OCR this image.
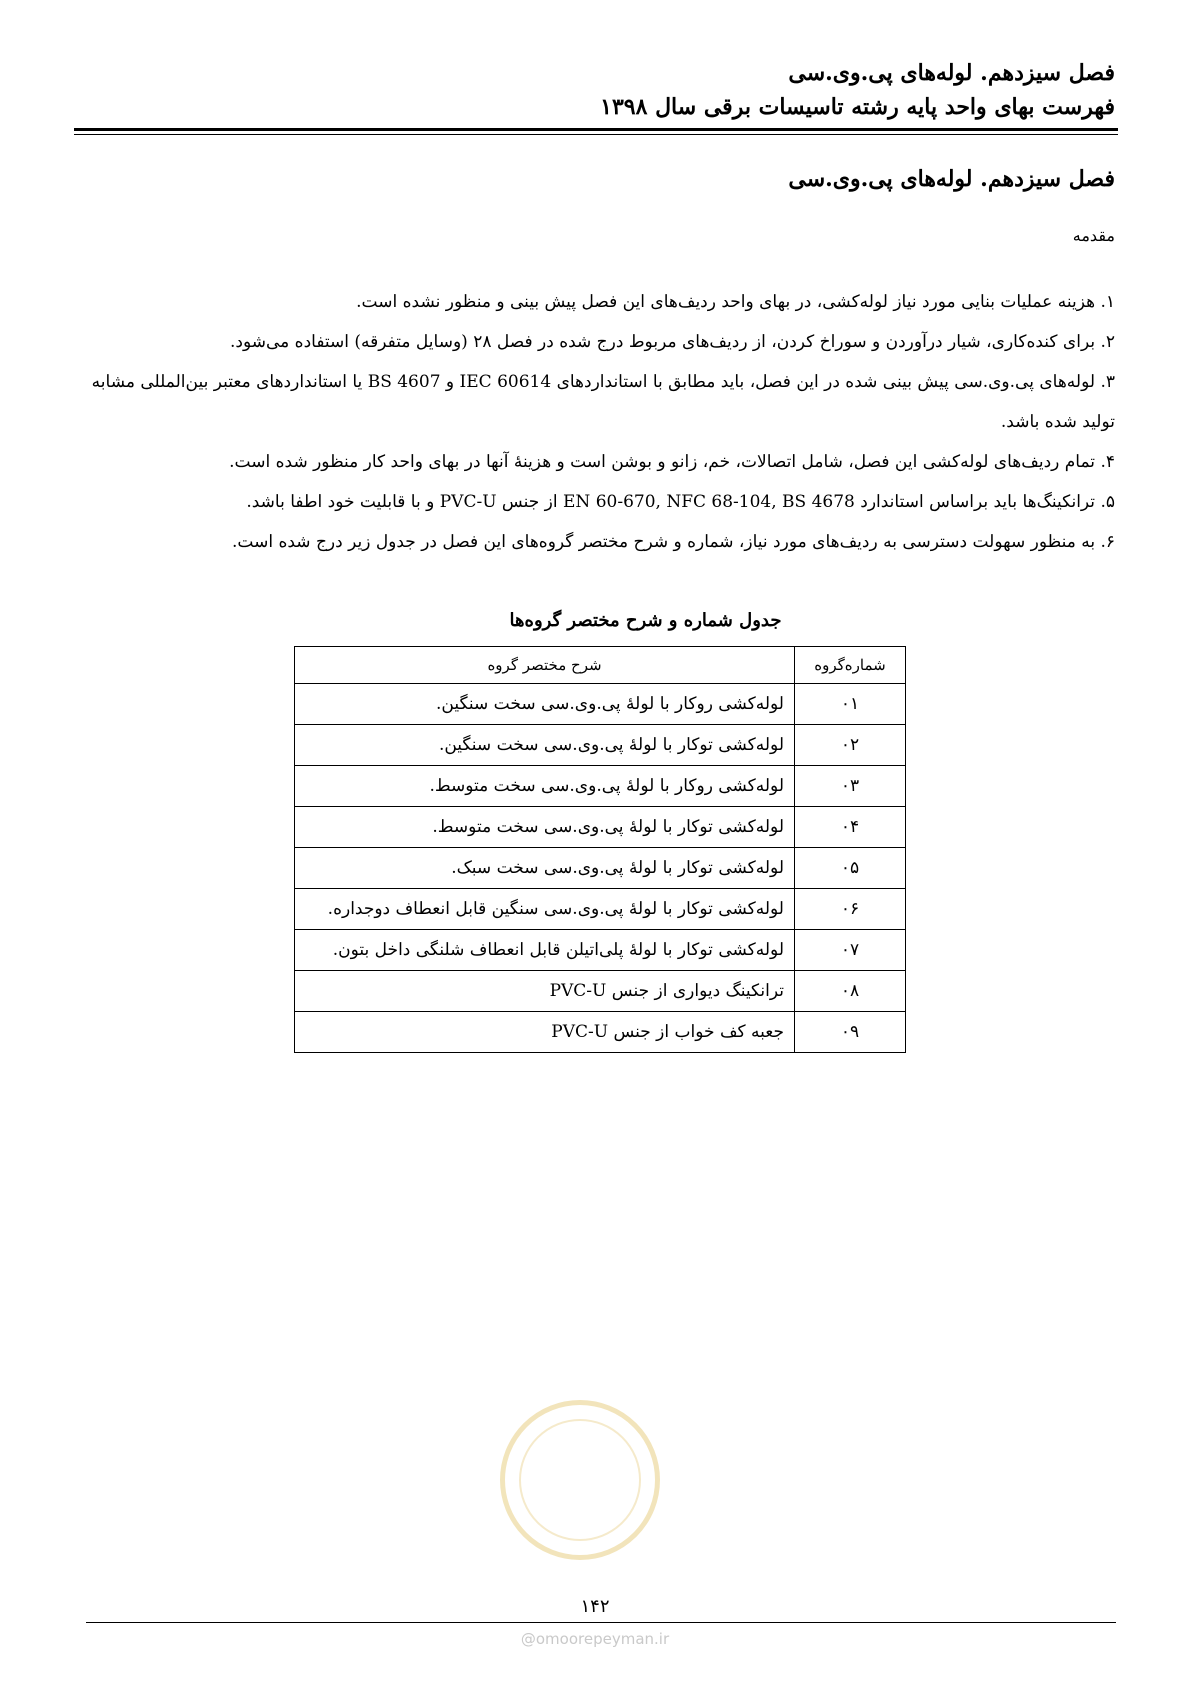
فصل سیزدهم. لوله‌های پی.وی.سی
فهرست بهای واحد پایه رشته تاسیسات برقی سال ۱۳۹۸
فصل سیزدهم. لوله‌های پی.وی.سی
مقدمه

۱. هزینه عملیات بنایی مورد نیاز لوله‌کشی، در بهای واحد ردیف‌های این فصل پیش بینی و منظور نشده است.

۲. برای کنده‌کاری، شیار درآوردن و سوراخ کردن، از ردیف‌های مربوط درج شده در فصل ۲۸ (وسایل متفرقه) استفاده می‌شود.

۳. لوله‌های پی.وی.سی پیش بینی شده در این فصل، باید مطابق با استانداردهای IEC 60614 و BS 4607 یا استانداردهای معتبر بین‌المللی مشابه تولید شده باشد.

۴. تمام ردیف‌های لوله‌کشی این فصل، شامل اتصالات، خم، زانو و بوشن است و هزینهٔ آنها در بهای واحد کار منظور شده است.

۵. ترانکینگ‌ها باید براساس استاندارد EN 60-670, NFC 68-104, BS 4678 از جنس PVC-U و با قابلیت خود اطفا باشد.

۶. به منظور سهولت دسترسی به ردیف‌های مورد نیاز، شماره و شرح مختصر گروه‌های این فصل در جدول زیر درج شده است.

جدول شماره و شرح مختصر گروه‌ها
شماره‌گروه	شرح مختصر گروه
۰۱	لوله‌کشی روکار با لولهٔ پی.وی.سی سخت سنگین.
۰۲	لوله‌کشی توکار با لولهٔ پی.وی.سی سخت سنگین.
۰۳	لوله‌کشی روکار با لولهٔ پی.وی.سی سخت متوسط.
۰۴	لوله‌کشی توکار با لولهٔ پی.وی.سی سخت متوسط.
۰۵	لوله‌کشی توکار با لولهٔ پی.وی.سی سخت سبک.
۰۶	لوله‌کشی توکار با لولهٔ پی.وی.سی سنگین قابل انعطاف دوجداره.
۰۷	لوله‌کشی توکار با لولهٔ پلی‌اتیلن قابل انعطاف شلنگی داخل بتون.
۰۸	ترانکینگ دیواری از جنس PVC-U
۰۹	جعبه کف خواب از جنس PVC-U
۱۴۲
@omoorepeyman.ir
